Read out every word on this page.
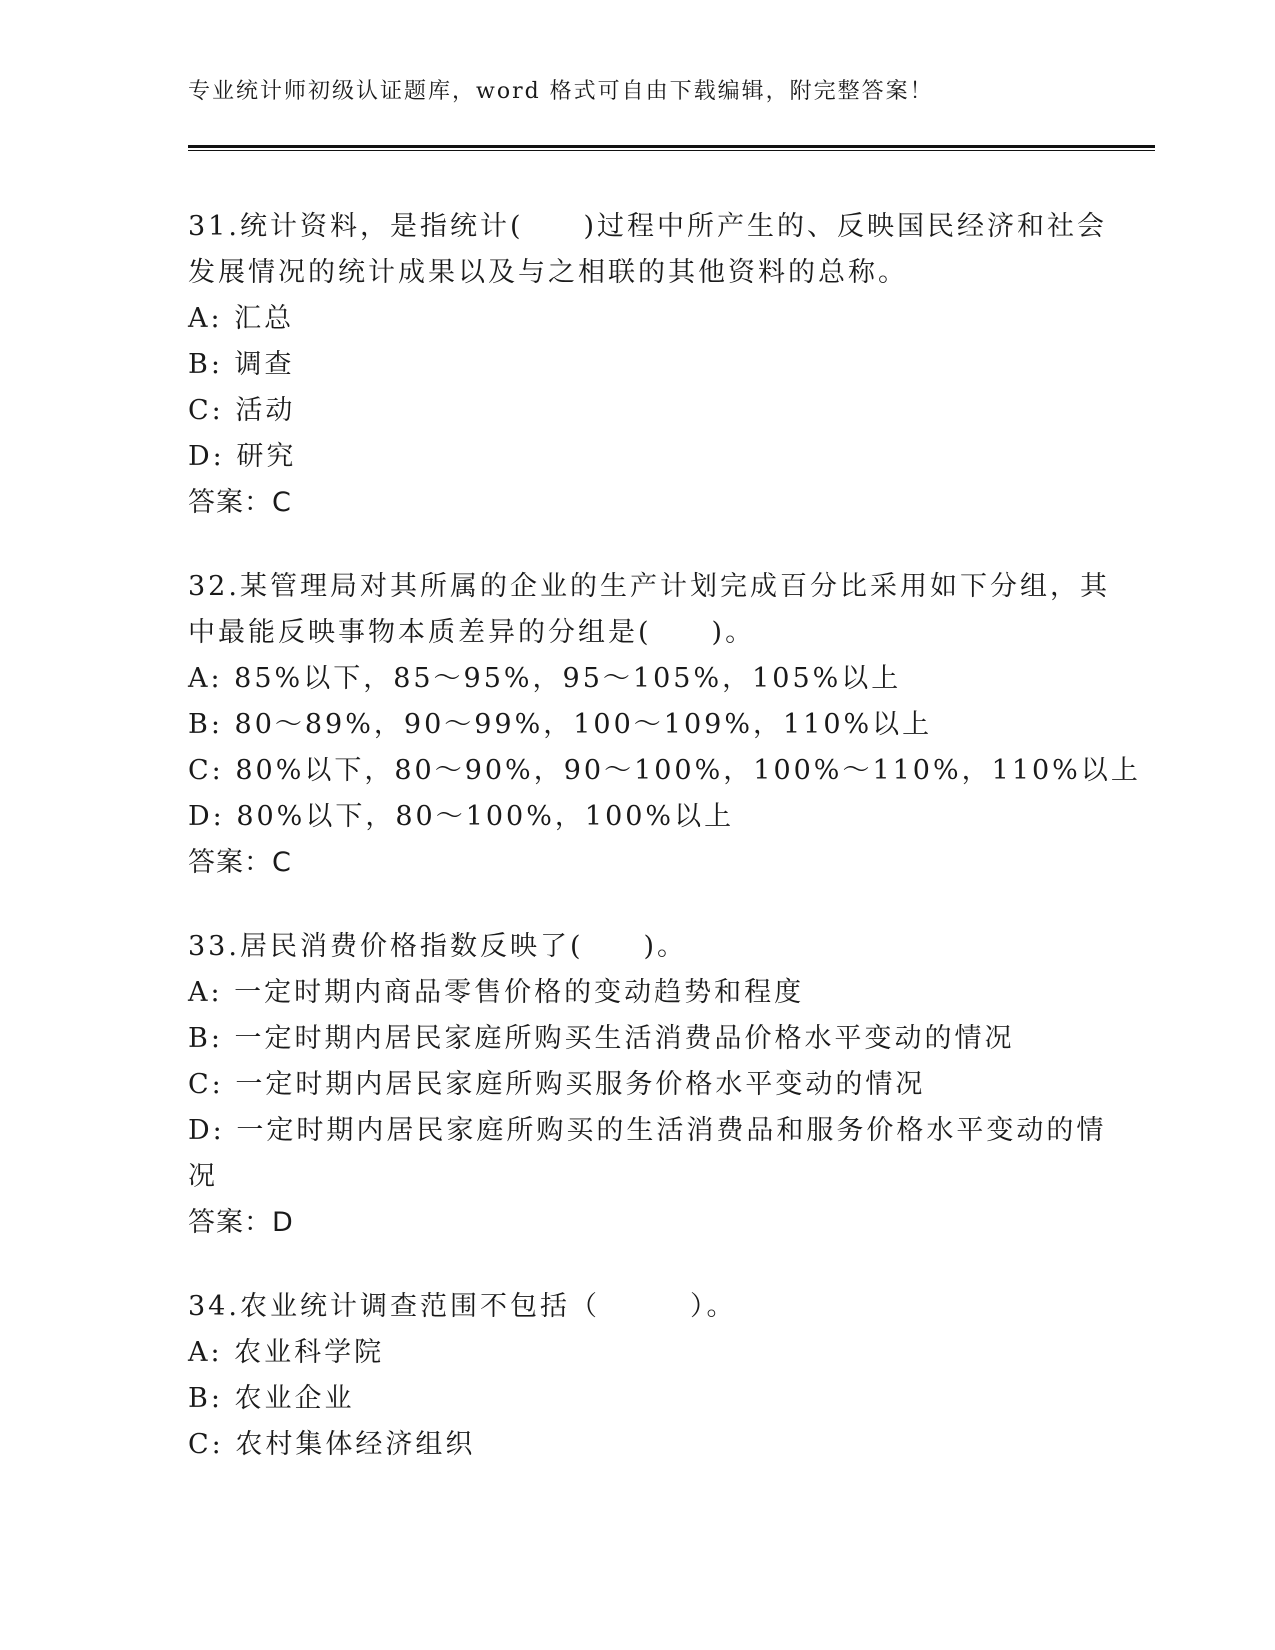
专业统计师初级认证题库，word 格式可自由下载编辑，附完整答案！
31.统计资料，是指统计(　　)过程中所产生的、反映国民经济和社会
发展情况的统计成果以及与之相联的其他资料的总称。
A: 汇总
B: 调查
C: 活动
D: 研究
答案：C
32.某管理局对其所属的企业的生产计划完成百分比采用如下分组，其
中最能反映事物本质差异的分组是(　　)。
A: 85%以下，85～95%，95～105%，105%以上
B: 80～89%，90～99%，100～109%，110%以上
C: 80%以下，80～90%，90～100%，100%～110%，110%以上
D: 80%以下，80～100%，100%以上
答案：C
33.居民消费价格指数反映了(　　)。
A: 一定时期内商品零售价格的变动趋势和程度
B: 一定时期内居民家庭所购买生活消费品价格水平变动的情况
C: 一定时期内居民家庭所购买服务价格水平变动的情况
D: 一定时期内居民家庭所购买的生活消费品和服务价格水平变动的情
况
答案：D
34.农业统计调查范围不包括（　　　）。
A: 农业科学院
B: 农业企业
C: 农村集体经济组织
